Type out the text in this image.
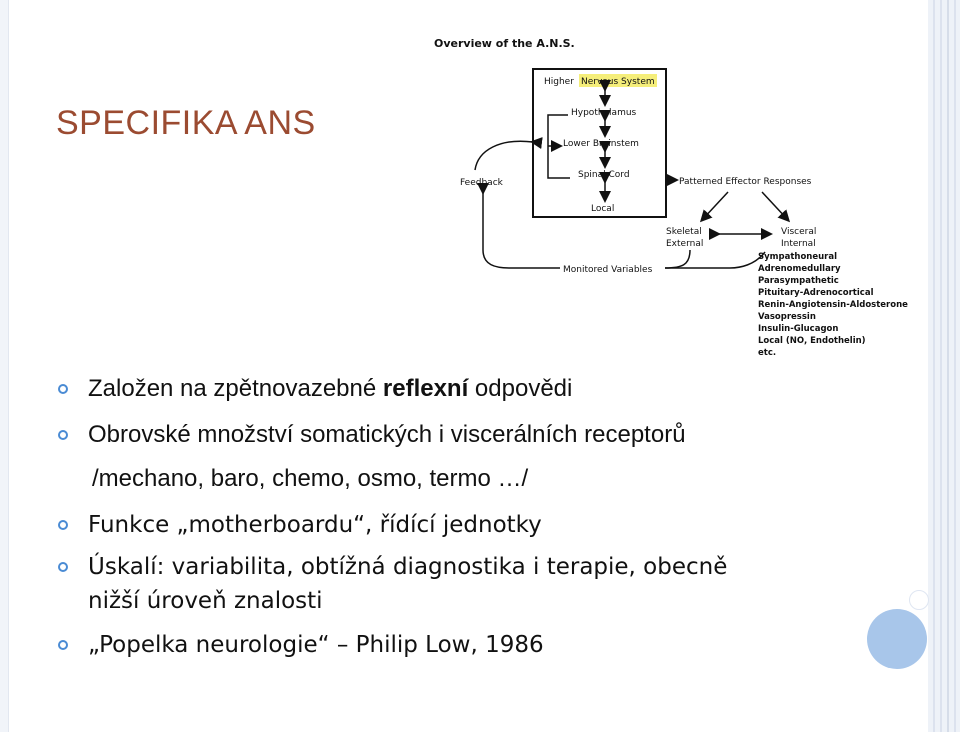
SPECIFIKA ANS
Overview of the A.N.S.
Higher Nervous System
Hypothalamus
Lower Brainstem
Spinal Cord
Local
Feedback	Patterned Effector Responses
Skeletal
External
Visceral
Internal
Monitored Variables
Sympathoneural
Adrenomedullary
Parasympathetic
Pituitary-Adrenocortical
Renin-Angiotensin-Aldosterone
Vasopressin
Insulin-Glucagon
Local (NO, Endothelin)
etc.
Založen na zpětnovazebné reflexní odpovědi
Obrovské množství somatických i viscerálních receptorů
/mechano, baro, chemo, osmo, termo …/
Funkce „motherboardu“, řídící jednotky
Úskalí: variabilita, obtížná diagnostika i terapie, obecně
nižší úroveň znalosti
„Popelka neurologie“ – Philip Low, 1986
